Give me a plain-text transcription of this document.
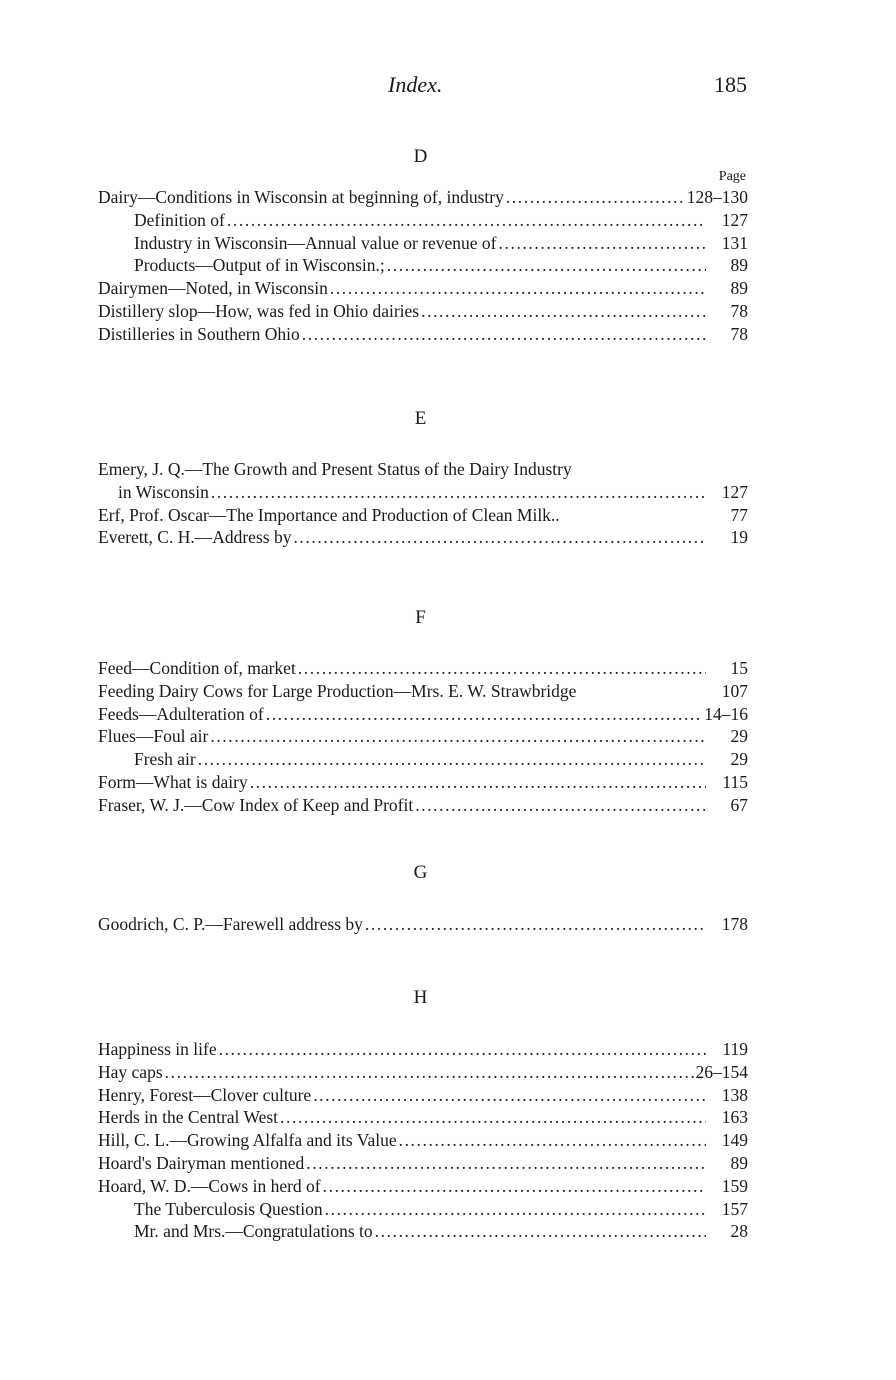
Index.	185
D
Page
Dairy—Conditions in Wisconsin at beginning of, industry .....	128–130
Definition of .....	127
Industry in Wisconsin—Annual value or revenue of .....	131
Products—Output of in Wisconsin.; .....	89
Dairymen—Noted, in Wisconsin .....	89
Distillery slop—How, was fed in Ohio dairies .....	78
Distilleries in Southern Ohio .....	78
E
Emery, J. Q.—The Growth and Present Status of the Dairy Industry
in Wisconsin .....	127
Erf, Prof. Oscar—The Importance and Production of Clean Milk..	77
Everett, C. H.—Address by .....	19
F
Feed—Condition of, market .....	15
Feeding Dairy Cows for Large Production—Mrs. E. W. Strawbridge	107
Feeds—Adulteration of .....	14–16
Flues—Foul air .....	29
Fresh air .....	29
Form—What is dairy .....	115
Fraser, W. J.—Cow Index of Keep and Profit .....	67
G
Goodrich, C. P.—Farewell address by .....	178
H
Happiness in life .....	119
Hay caps .....	26–154
Henry, Forest—Clover culture .....	138
Herds in the Central West .....	163
Hill, C. L.—Growing Alfalfa and its Value .....	149
Hoard's Dairyman mentioned .....	89
Hoard, W. D.—Cows in herd of .....	159
The Tuberculosis Question .....	157
Mr. and Mrs.—Congratulations to .....	28
